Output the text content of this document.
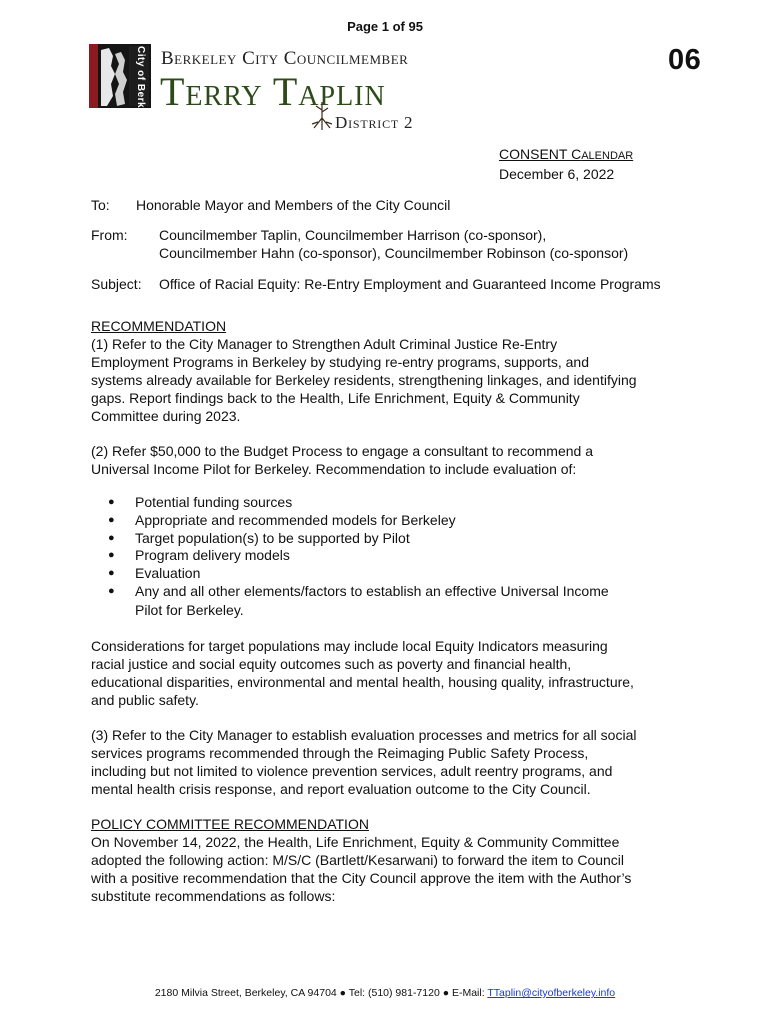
Page 1 of 95
06
City of Berkeley Berkeley City Councilmember
Terry Taplin
District 2
CONSENT CALENDAR
December 6, 2022
To: Honorable Mayor and Members of the City Council
From: Councilmember Taplin, Councilmember Harrison (co-sponsor),
Councilmember Hahn (co-sponsor), Councilmember Robinson (co-sponsor)
Subject: Office of Racial Equity: Re-Entry Employment and Guaranteed Income Programs
RECOMMENDATION
(1) Refer to the City Manager to Strengthen Adult Criminal Justice Re-Entry
Employment Programs in Berkeley by studying re-entry programs, supports, and
systems already available for Berkeley residents, strengthening linkages, and identifying
gaps. Report findings back to the Health, Life Enrichment, Equity & Community
Committee during 2023.
(2) Refer $50,000 to the Budget Process to engage a consultant to recommend a
Universal Income Pilot for Berkeley. Recommendation to include evaluation of:
● Potential funding sources
● Appropriate and recommended models for Berkeley
● Target population(s) to be supported by Pilot
● Program delivery models
● Evaluation
● Any and all other elements/factors to establish an effective Universal Income
Pilot for Berkeley.
Considerations for target populations may include local Equity Indicators measuring
racial justice and social equity outcomes such as poverty and financial health,
educational disparities, environmental and mental health, housing quality, infrastructure,
and public safety.
(3) Refer to the City Manager to establish evaluation processes and metrics for all social
services programs recommended through the Reimaging Public Safety Process,
including but not limited to violence prevention services, adult reentry programs, and
mental health crisis response, and report evaluation outcome to the City Council.
POLICY COMMITTEE RECOMMENDATION
On November 14, 2022, the Health, Life Enrichment, Equity & Community Committee
adopted the following action: M/S/C (Bartlett/Kesarwani) to forward the item to Council
with a positive recommendation that the City Council approve the item with the Author’s
substitute recommendations as follows:
2180 Milvia Street, Berkeley, CA 94704 ● Tel: (510) 981-7120 ● E-Mail: TTaplin@cityofberkeley.info
